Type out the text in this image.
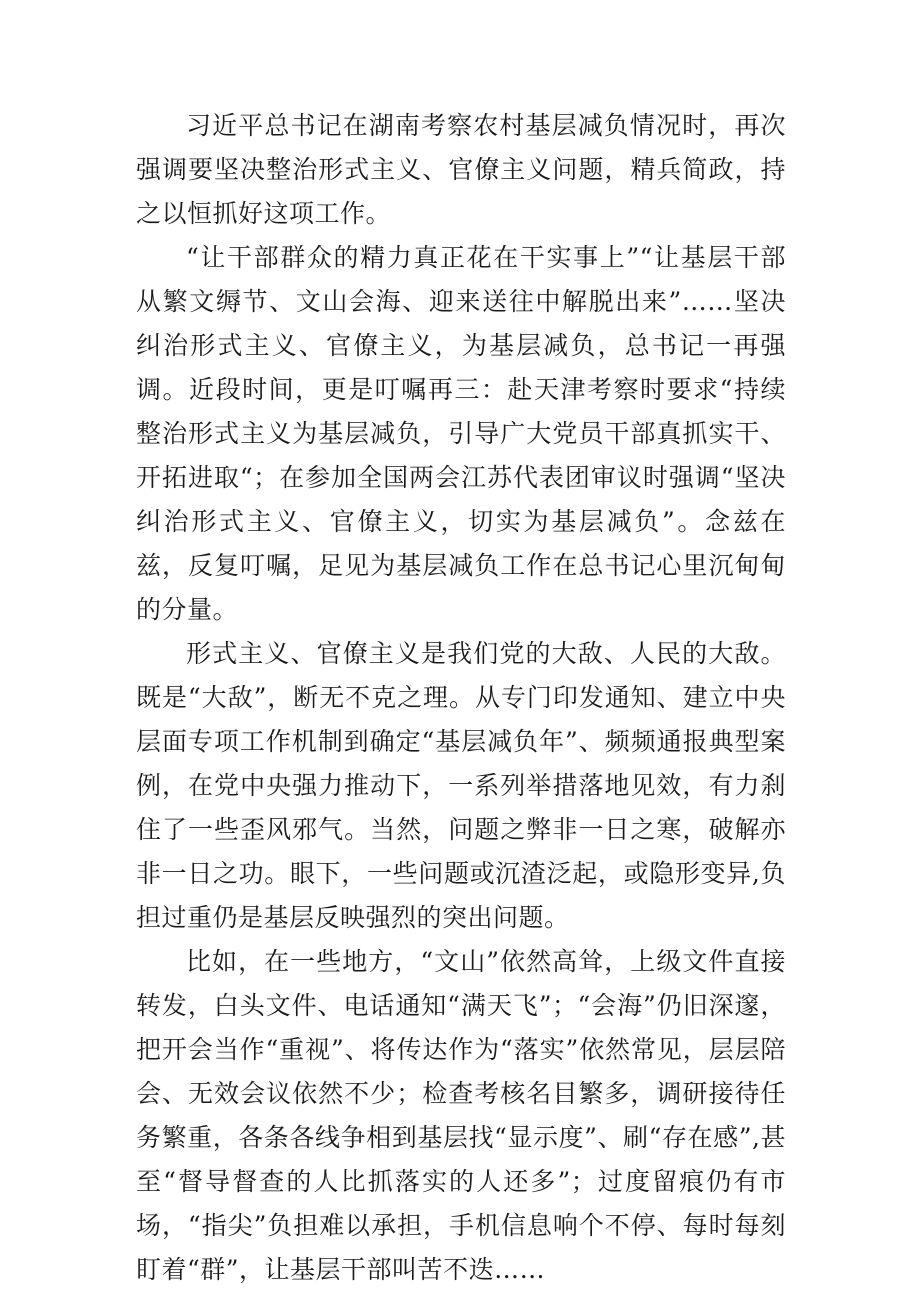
习近平总书记在湖南考察农村基层减负情况时，再次强调要坚决整治形式主义、官僚主义问题，精兵简政，持之以恒抓好这项工作。

“让干部群众的精力真正花在干实事上”“让基层干部从繁文缛节、文山会海、迎来送往中解脱出来”……坚决纠治形式主义、官僚主义，为基层减负，总书记一再强调。近段时间，更是叮嘱再三：赴天津考察时要求“持续整治形式主义为基层减负，引导广大党员干部真抓实干、开拓进取“；在参加全国两会江苏代表团审议时强调“坚决纠治形式主义、官僚主义，切实为基层减负”。念兹在兹，反复叮嘱，足见为基层减负工作在总书记心里沉甸甸的分量。

形式主义、官僚主义是我们党的大敌、人民的大敌。既是“大敌”，断无不克之理。从专门印发通知、建立中央层面专项工作机制到确定“基层减负年”、频频通报典型案例，在党中央强力推动下，一系列举措落地见效，有力刹住了一些歪风邪气。当然，问题之弊非一日之寒，破解亦非一日之功。眼下，一些问题或沉渣泛起，或隐形变异,负担过重仍是基层反映强烈的突出问题。

比如，在一些地方，“文山”依然高耸，上级文件直接转发，白头文件、电话通知“满天飞”；“会海”仍旧深邃，把开会当作“重视”、将传达作为“落实”依然常见，层层陪会、无效会议依然不少；检查考核名目繁多，调研接待任务繁重，各条各线争相到基层找“显示度”、刷“存在感”,甚至“督导督查的人比抓落实的人还多”；过度留痕仍有市场，“指尖”负担难以承担，手机信息响个不停、每时每刻盯着“群”，让基层干部叫苦不迭……
